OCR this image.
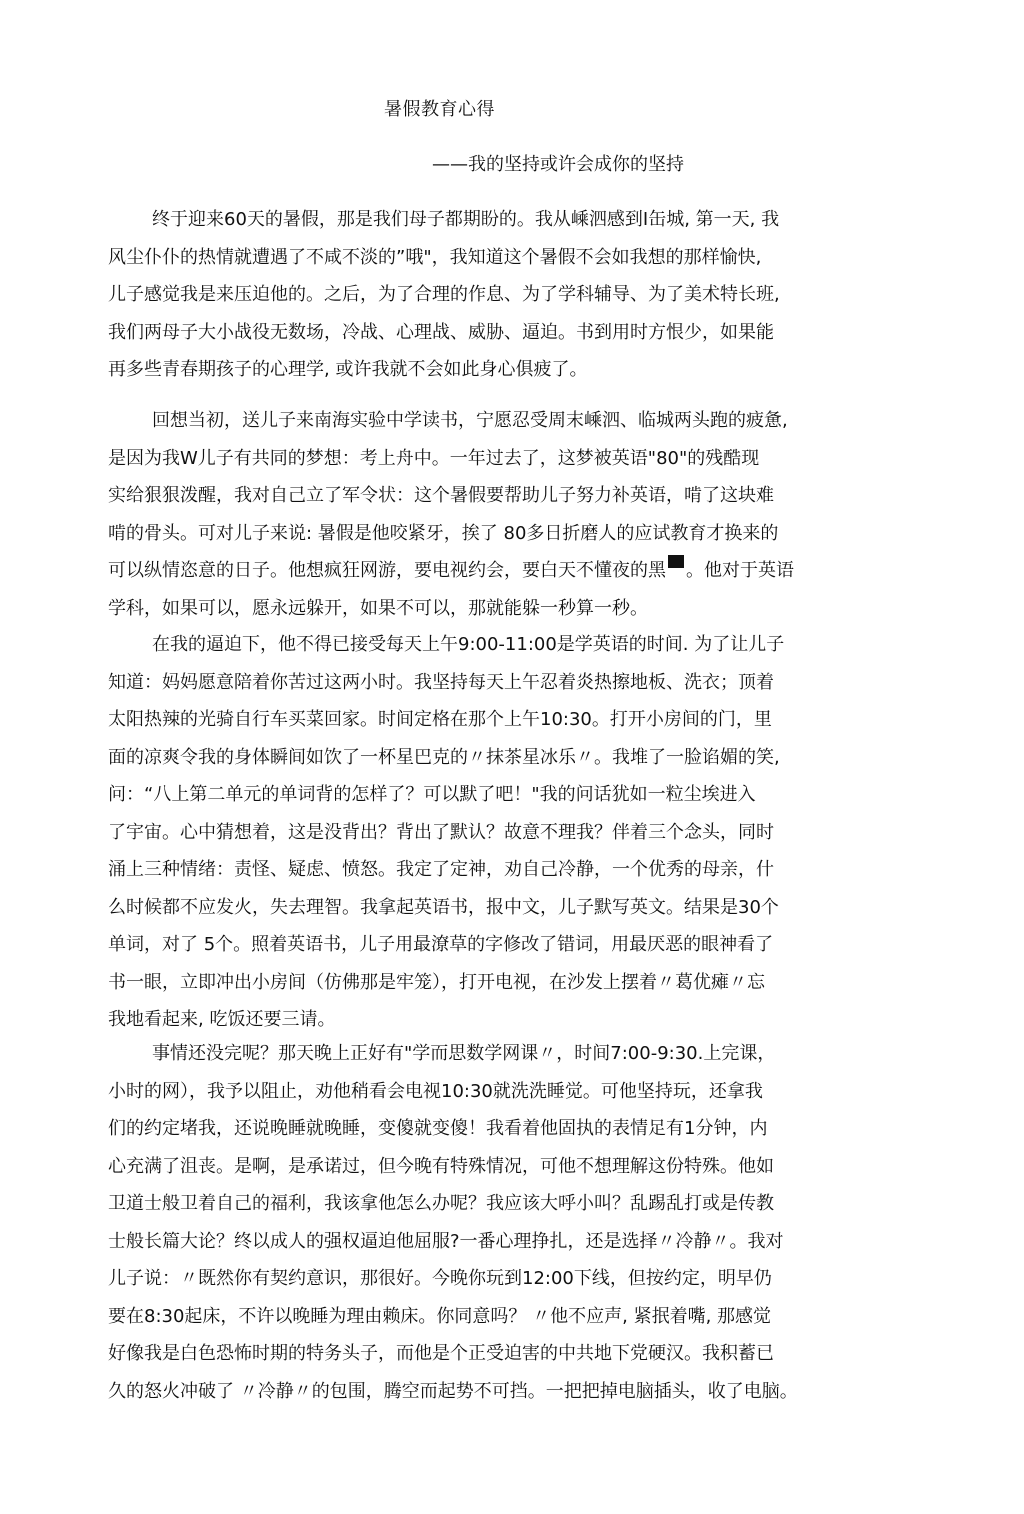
暑假教育心得
——我的坚持或许会成你的坚持
终于迎来60天的暑假，那是我们母子都期盼的。我从嵊泗感到I缶城, 第一天, 我
风尘仆仆的热情就遭遇了不咸不淡的”哦"，我知道这个暑假不会如我想的那样愉快,
儿子感觉我是来压迫他的。之后，为了合理的作息、为了学科辅导、为了美术特长班,
我们两母子大小战役无数场，冷战、心理战、威胁、逼迫。书到用时方恨少，如果能
再多些青春期孩子的心理学, 或许我就不会如此身心俱疲了。
回想当初，送儿子来南海实验中学读书，宁愿忍受周末嵊泗、临城两头跑的疲惫,
是因为我W儿子有共同的梦想：考上舟中。一年过去了，这梦被英语"80"的残酷现
实给狠狠泼醒，我对自己立了军令状：这个暑假要帮助儿子努力补英语，啃了这块难
啃的骨头。可对儿子来说: 暑假是他咬紧牙，挨了 80多日折磨人的应试教育才换来的
可以纵情恣意的日子。他想疯狂网游，要电视约会，要白天不懂夜的黑 。他对于英语
学科，如果可以，愿永远躲开，如果不可以，那就能躲一秒算一秒。
在我的逼迫下，他不得已接受每天上午9:00-11:00是学英语的时间. 为了让儿子
知道：妈妈愿意陪着你苦过这两小时。我坚持每天上午忍着炎热擦地板、洗衣；顶着
太阳热辣的光骑自行车买菜回家。时间定格在那个上午10:30。打开小房间的门，里
面的凉爽令我的身体瞬间如饮了一杯星巴克的〃抹茶星冰乐〃。我堆了一脸谄媚的笑,
问：“八上第二单元的单词背的怎样了？可以默了吧！"我的问话犹如一粒尘埃进入
了宇宙。心中猜想着，这是没背出？背出了默认？故意不理我？伴着三个念头，同时
涌上三种情绪：责怪、疑虑、愤怒。我定了定神，劝自己冷静，一个优秀的母亲，什
么时候都不应发火，失去理智。我拿起英语书，报中文，儿子默写英文。结果是30个
单词，对了 5个。照着英语书，儿子用最潦草的字修改了错词，用最厌恶的眼神看了
书一眼，立即冲出小房间（仿佛那是牢笼），打开电视，在沙发上摆着〃葛优瘫〃忘
我地看起来, 吃饭还要三请。
事情还没完呢？那天晚上正好有"学而思数学网课〃，时间7:00-9:30.上完课，
小时的网），我予以阻止，劝他稍看会电视10:30就洗洗睡觉。可他坚持玩，还拿我
们的约定堵我，还说晚睡就晚睡，变傻就变傻！我看着他固执的表情足有1分钟，内
心充满了沮丧。是啊，是承诺过，但今晚有特殊情况，可他不想理解这份特殊。他如
卫道士般卫着自己的福利，我该拿他怎么办呢？我应该大呼小叫？乱踢乱打或是传教
士般长篇大论？终以成人的强权逼迫他屈服?一番心理挣扎，还是选择〃冷静〃。我对
儿子说：〃既然你有契约意识，那很好。今晚你玩到12:00下线，但按约定，明早仍
要在8:30起床，不许以晚睡为理由赖床。你同意吗？ 〃他不应声, 紧抿着嘴, 那感觉
好像我是白色恐怖时期的特务头子，而他是个正受迫害的中共地下党硬汉。我积蓄已
久的怒火冲破了 〃冷静〃的包围，腾空而起势不可挡。一把把掉电脑插头，收了电脑。
